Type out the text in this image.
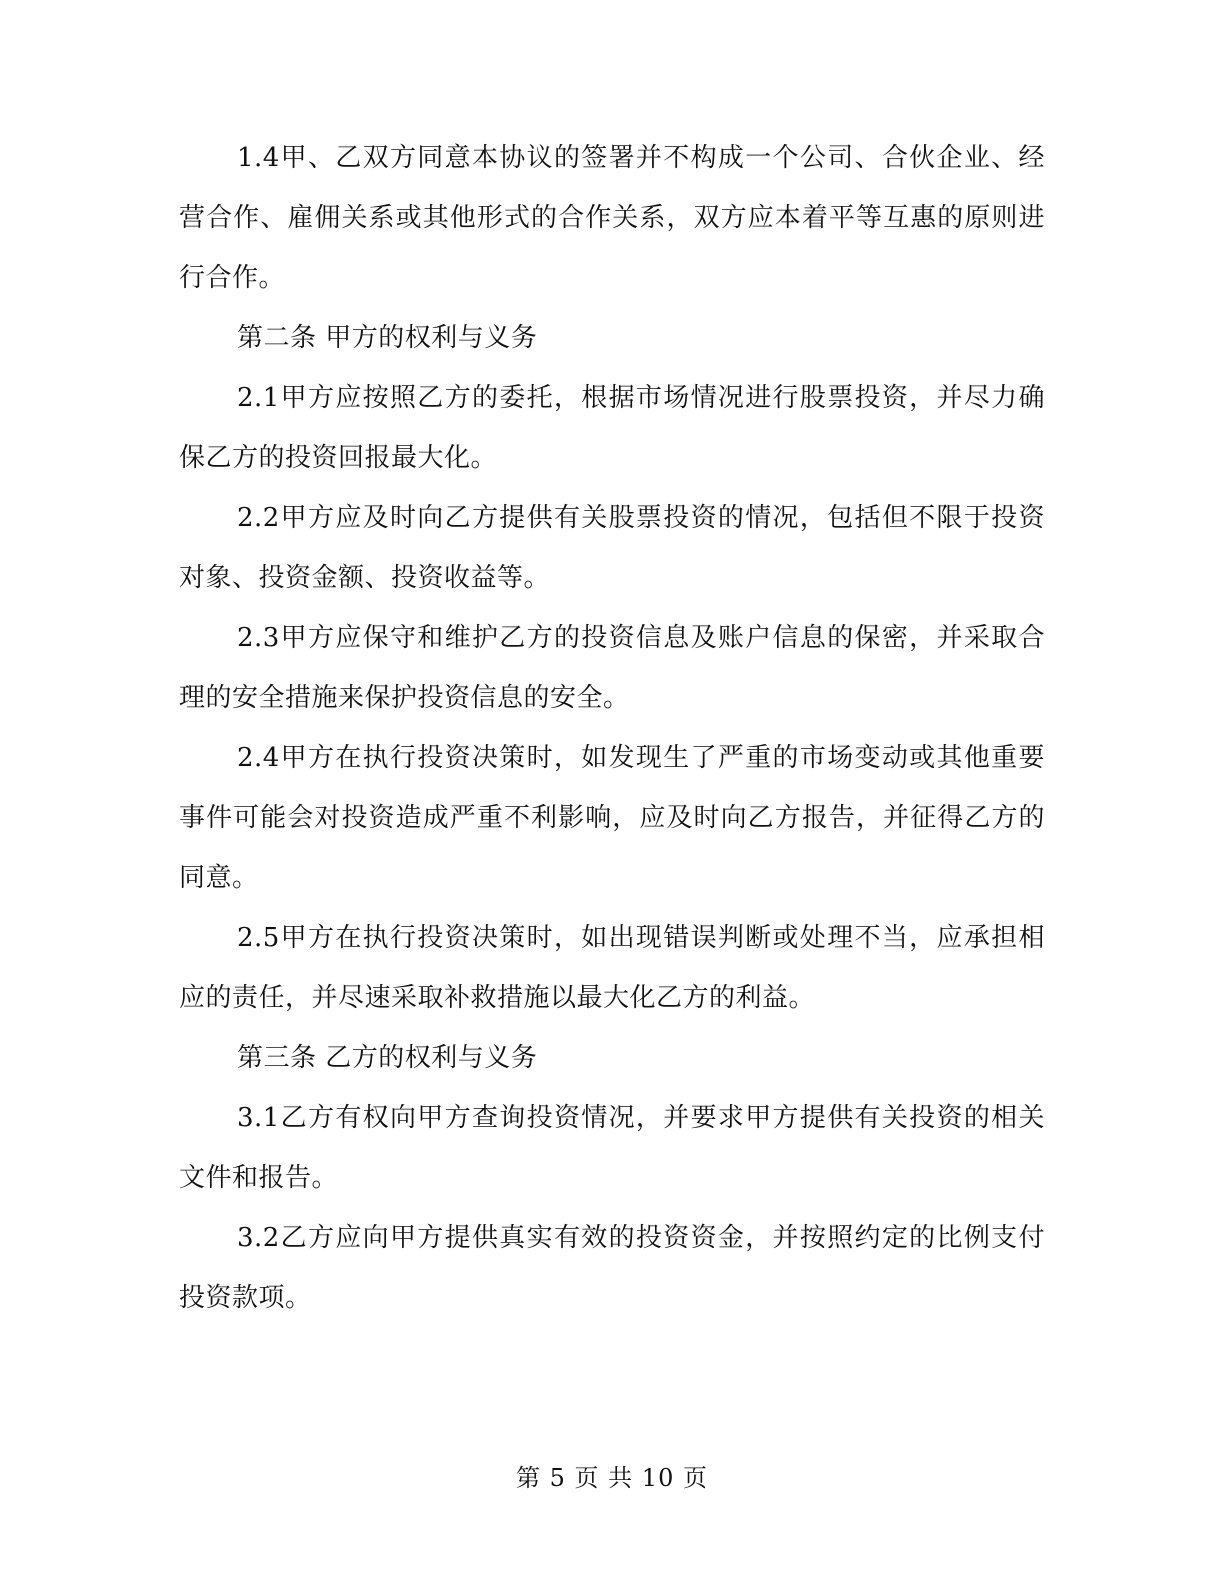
1.4甲、乙双方同意本协议的签署并不构成一个公司、合伙企业、经营合作、雇佣关系或其他形式的合作关系，双方应本着平等互惠的原则进行合作。

第二条 甲方的权利与义务

2.1甲方应按照乙方的委托，根据市场情况进行股票投资，并尽力确保乙方的投资回报最大化。

2.2甲方应及时向乙方提供有关股票投资的情况，包括但不限于投资对象、投资金额、投资收益等。

2.3甲方应保守和维护乙方的投资信息及账户信息的保密，并采取合理的安全措施来保护投资信息的安全。

2.4甲方在执行投资决策时，如发现生了严重的市场变动或其他重要事件可能会对投资造成严重不利影响，应及时向乙方报告，并征得乙方的同意。

2.5甲方在执行投资决策时，如出现错误判断或处理不当，应承担相应的责任，并尽速采取补救措施以最大化乙方的利益。

第三条 乙方的权利与义务

3.1乙方有权向甲方查询投资情况，并要求甲方提供有关投资的相关文件和报告。

3.2乙方应向甲方提供真实有效的投资资金，并按照约定的比例支付投资款项。

第 5 页 共 10 页
